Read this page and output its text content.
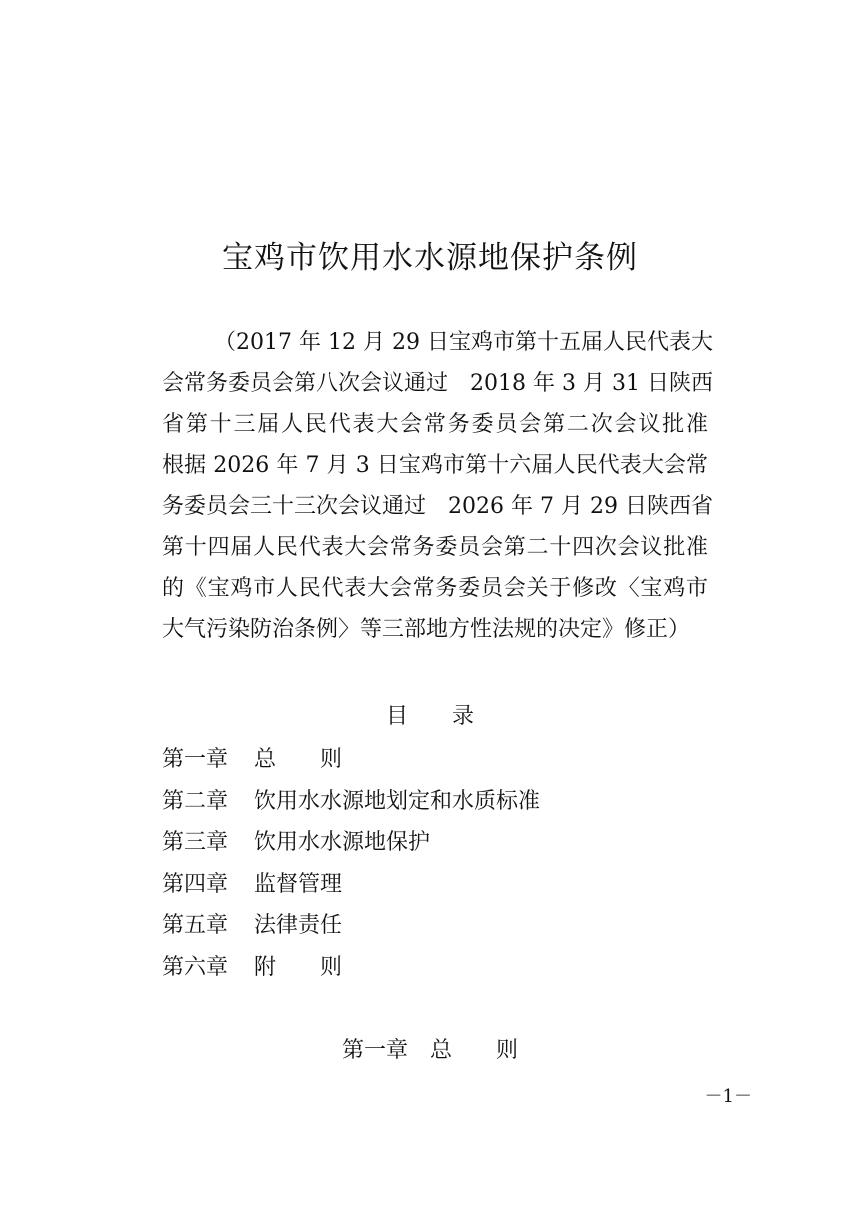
宝鸡市饮用水水源地保护条例
（2017 年 12 月 29 日宝鸡市第十五届人民代表大
会常务委员会第八次会议通过　2018 年 3 月 31 日陕西
省第十三届人民代表大会常务委员会第二次会议批准
根据 2026 年 7 月 3 日宝鸡市第十六届人民代表大会常
务委员会三十三次会议通过　2026 年 7 月 29 日陕西省
第十四届人民代表大会常务委员会第二十四次会议批准
的《宝鸡市人民代表大会常务委员会关于修改〈宝鸡市
大气污染防治条例〉等三部地方性法规的决定》修正）
目 录
第一章 总　　则
第二章 饮用水水源地划定和水质标准
第三章 饮用水水源地保护
第四章 监督管理
第五章 法律责任
第六章 附　　则
第一章　总　　则
－1－
